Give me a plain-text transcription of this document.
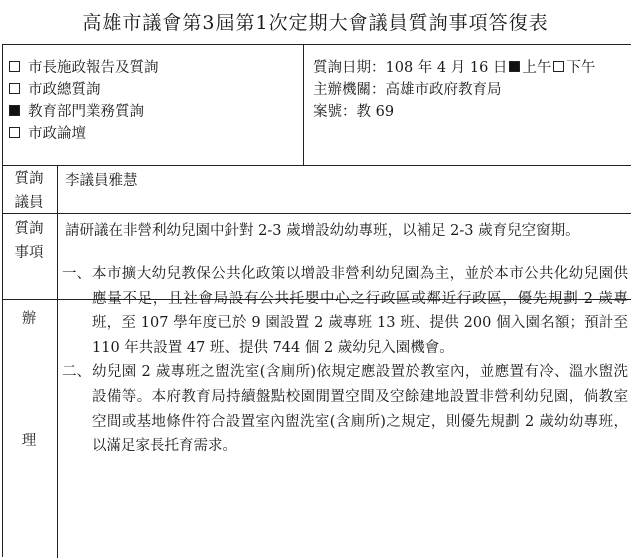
高雄市議會第3屆第1次定期大會議員質詢事項答復表
市長施政報告及質詢
市政總質詢
教育部門業務質詢
市政論壇
質詢日期：108 年 4 月 16 日 上午 下午
主辦機關：高雄市政府教育局
案號：教 69
質詢
議員
李議員雅慧
質詢
事項
請研議在非營利幼兒園中針對 2-3 歲增設幼幼專班，以補足 2-3 歲育兒空窗期。
辦
理
一、 本市擴大幼兒教保公共化政策以增設非營利幼兒園為主，並於本市公共化幼兒園供應量不足，且社會局設有公共托嬰中心之行政區或鄰近行政區，優先規劃 2 歲專班，至 107 學年度已於 9 園設置 2 歲專班 13 班、提供 200 個入園名額；預計至 110 年共設置 47 班、提供 744 個 2 歲幼兒入園機會。
二、 幼兒園 2 歲專班之盥洗室(含廁所)依規定應設置於教室內，並應置有冷、溫水盥洗設備等。本府教育局持續盤點校園閒置空間及空餘建地設置非營利幼兒園，倘教室空間或基地條件符合設置室內盥洗室(含廁所)之規定，則優先規劃 2 歲幼幼專班，以滿足家長托育需求。
